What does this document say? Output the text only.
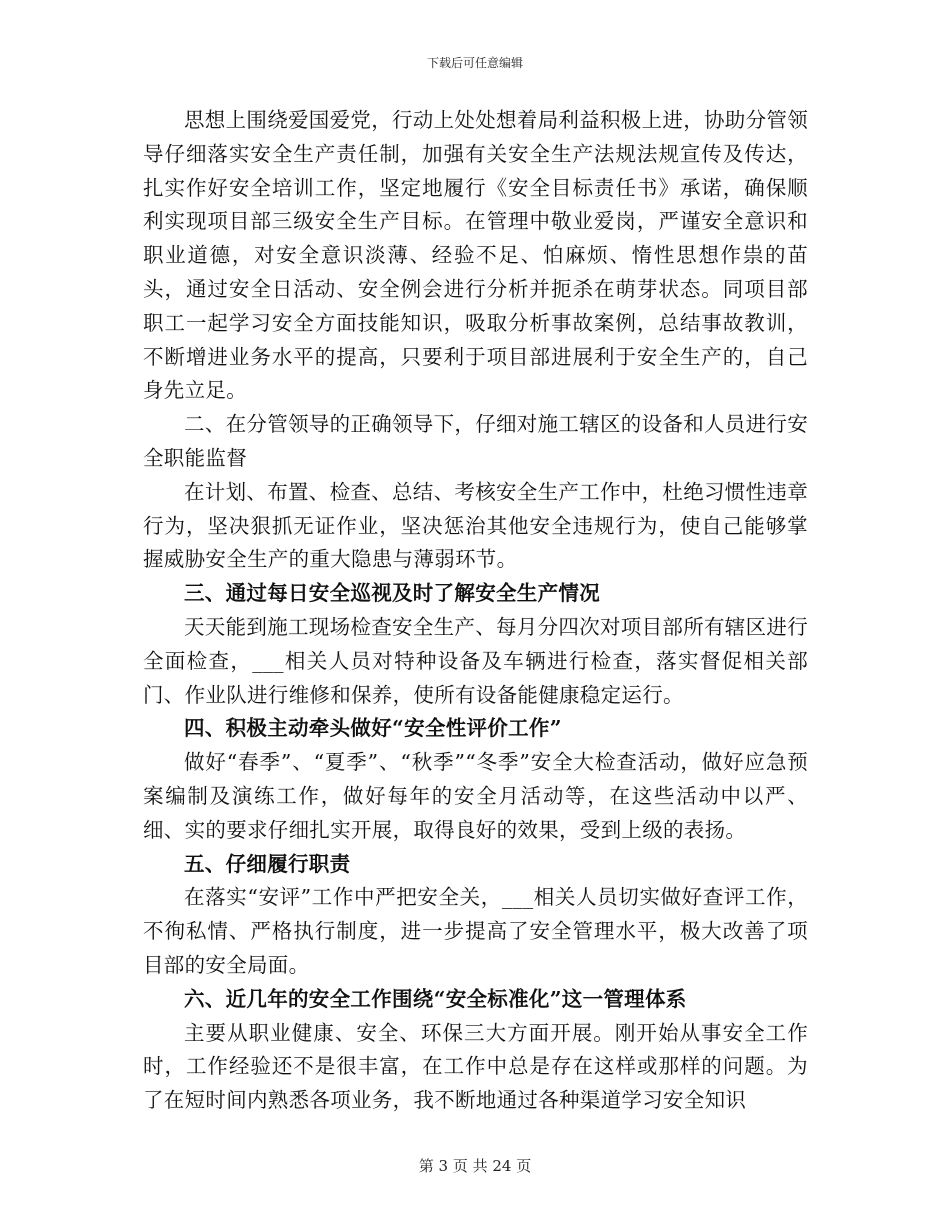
下载后可任意编辑

思想上围绕爱国爱党，行动上处处想着局利益积极上进，协助分管领导仔细落实安全生产责任制，加强有关安全生产法规法规宣传及传达，扎实作好安全培训工作，坚定地履行《安全目标责任书》承诺，确保顺利实现项目部三级安全生产目标。在管理中敬业爱岗，严谨安全意识和职业道德，对安全意识淡薄、经验不足、怕麻烦、惰性思想作祟的苗头，通过安全日活动、安全例会进行分析并扼杀在萌芽状态。同项目部职工一起学习安全方面技能知识，吸取分析事故案例，总结事故教训，不断增进业务水平的提高，只要利于项目部进展利于安全生产的，自己身先立足。

二、在分管领导的正确领导下，仔细对施工辖区的设备和人员进行安全职能监督

在计划、布置、检查、总结、考核安全生产工作中，杜绝习惯性违章行为，坚决狠抓无证作业，坚决惩治其他安全违规行为，使自己能够掌握威胁安全生产的重大隐患与薄弱环节。

三、通过每日安全巡视及时了解安全生产情况

天天能到施工现场检查安全生产、每月分四次对项目部所有辖区进行全面检查，___相关人员对特种设备及车辆进行检查，落实督促相关部门、作业队进行维修和保养，使所有设备能健康稳定运行。

四、积极主动牵头做好“安全性评价工作”

做好“春季”、“夏季”、“秋季”“冬季”安全大检查活动，做好应急预案编制及演练工作，做好每年的安全月活动等，在这些活动中以严、细、实的要求仔细扎实开展，取得良好的效果，受到上级的表扬。

五、仔细履行职责

在落实“安评”工作中严把安全关，___相关人员切实做好查评工作，不徇私情、严格执行制度，进一步提高了安全管理水平，极大改善了项目部的安全局面。

六、近几年的安全工作围绕“安全标准化”这一管理体系

主要从职业健康、安全、环保三大方面开展。刚开始从事安全工作时，工作经验还不是很丰富，在工作中总是存在这样或那样的问题。为了在短时间内熟悉各项业务，我不断地通过各种渠道学习安全知识

第 3 页 共 24 页
